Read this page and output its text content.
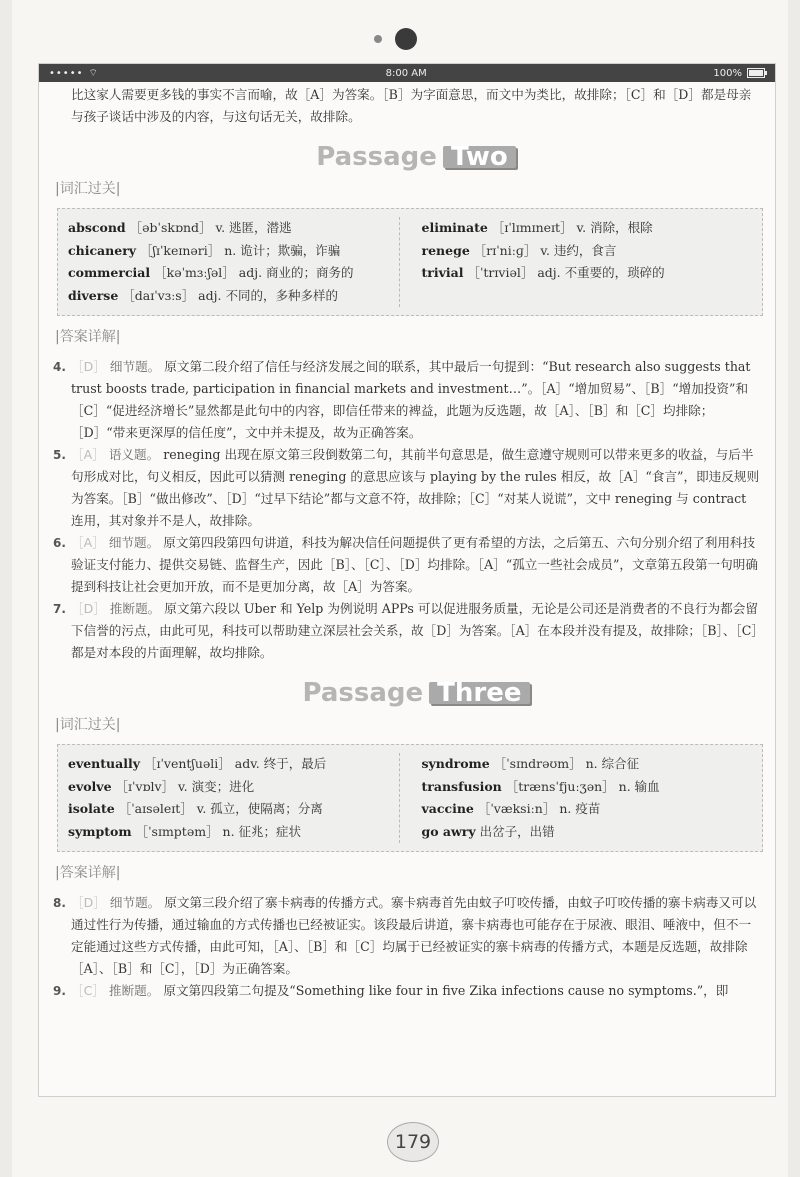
••••• ⌔	8:00 AM	100%

比这家人需要更多钱的事实不言而喻，故［A］为答案。［B］为字面意思，而文中为类比，故排除；［C］和［D］都是母亲与孩子谈话中涉及的内容，与这句话无关，故排除。

Passage Two
|词汇过关|
abscond ［əbˈskɒnd］ v. 逃匿，潜逃
chicanery ［ʃɪˈkeɪnəri］ n. 诡计；欺骗，诈骗
commercial ［kəˈmɜːʃəl］ adj. 商业的；商务的
diverse ［daɪˈvɜːs］ adj. 不同的，多种多样的
eliminate ［ɪˈlɪmɪneɪt］ v. 消除，根除
renege ［rɪˈniːɡ］ v. 违约，食言
trivial ［ˈtrɪviəl］ adj. 不重要的，琐碎的
|答案详解|
4. ［D］ 细节题。 原文第二段介绍了信任与经济发展之间的联系，其中最后一句提到：“But research also suggests that trust boosts trade, participation in financial markets and investment…”。［A］“增加贸易”、［B］“增加投资”和［C］“促进经济增长”显然都是此句中的内容，即信任带来的裨益，此题为反选题，故［A］、［B］和［C］均排除；［D］“带来更深厚的信任度”，文中并未提及，故为正确答案。
5. ［A］ 语义题。 reneging 出现在原文第三段倒数第二句，其前半句意思是，做生意遵守规则可以带来更多的收益，与后半句形成对比，句义相反，因此可以猜测 reneging 的意思应该与 playing by the rules 相反，故［A］“食言”，即违反规则为答案。［B］“做出修改”、［D］“过早下结论”都与文意不符，故排除；［C］“对某人说谎”，文中 reneging 与 contract 连用，其对象并不是人，故排除。
6. ［A］ 细节题。 原文第四段第四句讲道，科技为解决信任问题提供了更有希望的方法，之后第五、六句分别介绍了利用科技验证支付能力、提供交易链、监督生产，因此［B］、［C］、［D］均排除。［A］“孤立一些社会成员”，文章第五段第一句明确提到科技让社会更加开放，而不是更加分离，故［A］为答案。
7. ［D］ 推断题。 原文第六段以 Uber 和 Yelp 为例说明 APPs 可以促进服务质量，无论是公司还是消费者的不良行为都会留下信誉的污点，由此可见，科技可以帮助建立深层社会关系，故［D］为答案。［A］在本段并没有提及，故排除；［B］、［C］都是对本段的片面理解，故均排除。
Passage Three
|词汇过关|
eventually ［ɪˈventʃuəli］ adv. 终于，最后
evolve ［ɪˈvɒlv］ v. 演变；进化
isolate ［ˈaɪsəleɪt］ v. 孤立，使隔离；分离
symptom ［ˈsɪmptəm］ n. 征兆；症状
syndrome ［ˈsɪndrəʊm］ n. 综合征
transfusion ［trænsˈfjuːʒən］ n. 输血
vaccine ［ˈvæksiːn］ n. 疫苗
go awry 出岔子，出错
|答案详解|
8. ［D］ 细节题。 原文第三段介绍了寨卡病毒的传播方式。寨卡病毒首先由蚊子叮咬传播，由蚊子叮咬传播的寨卡病毒又可以通过性行为传播，通过输血的方式传播也已经被证实。该段最后讲道，寨卡病毒也可能存在于尿液、眼泪、唾液中，但不一定能通过这些方式传播，由此可知，［A］、［B］和［C］均属于已经被证实的寨卡病毒的传播方式，本题是反选题，故排除［A］、［B］和［C］，［D］为正确答案。
9. ［C］ 推断题。 原文第四段第二句提及“Something like four in five Zika infections cause no symptoms.”，即
179
